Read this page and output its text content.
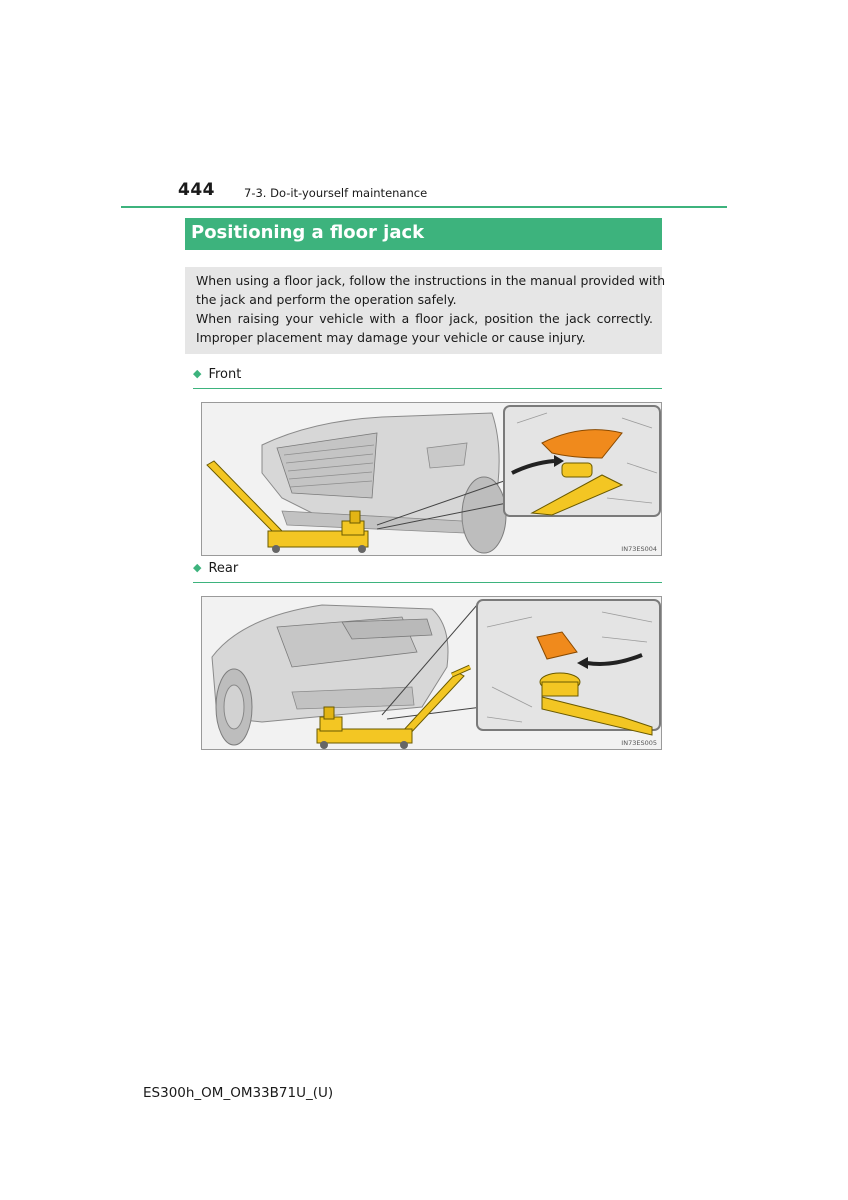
444	7-3. Do-it-yourself maintenance
Positioning a floor jack
When using a floor jack, follow the instructions in the manual provided with
the jack and perform the operation safely.
When raising your vehicle with a floor jack, position the jack correctly.
Improper placement may damage your vehicle or cause injury.
◆ Front
IN73ES004
◆ Rear
IN73ES005
ES300h_OM_OM33B71U_(U)
